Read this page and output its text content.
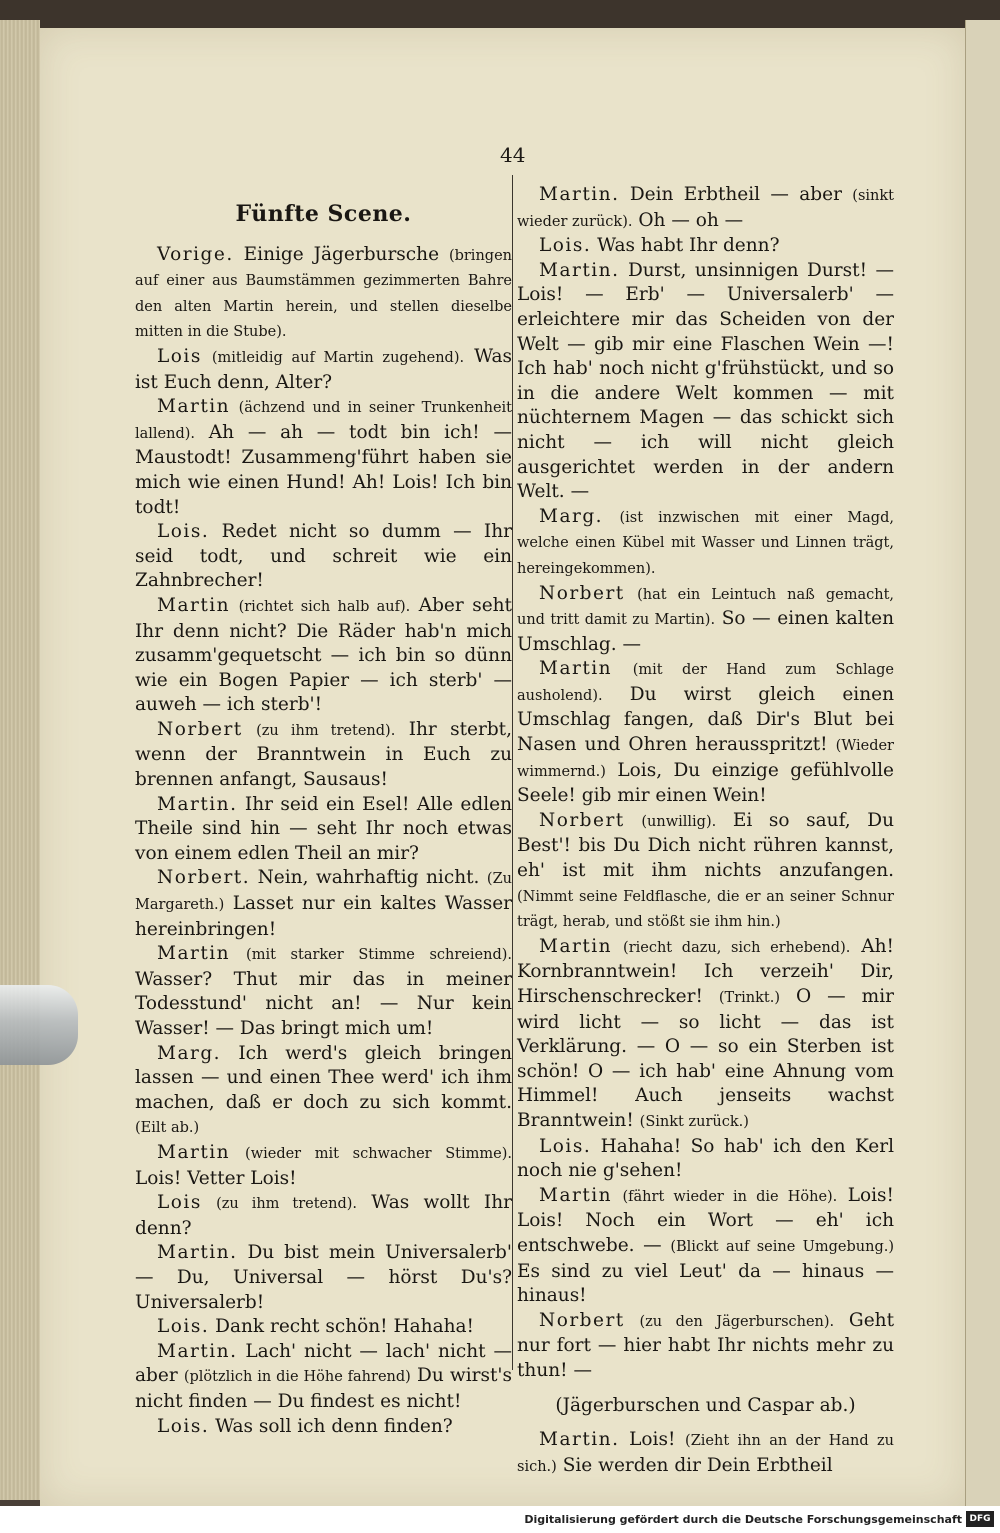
44
Fünfte Scene.

Vorige. Einige Jägerbursche (bringen auf einer aus Baumstämmen gezimmerten Bahre den alten Martin herein, und stellen dieselbe mitten in die Stube).

Lois (mitleidig auf Martin zugehend). Was ist Euch denn, Alter?

Martin (ächzend und in seiner Trunkenheit lallend). Ah — ah — todt bin ich! — Maustodt! Zusammeng'führt haben sie mich wie einen Hund! Ah! Lois! Ich bin todt!

Lois. Redet nicht so dumm — Ihr seid todt, und schreit wie ein Zahnbrecher!

Martin (richtet sich halb auf). Aber seht Ihr denn nicht? Die Räder hab'n mich zusamm'gequetscht — ich bin so dünn wie ein Bogen Papier — ich sterb' — auweh — ich sterb'!

Norbert (zu ihm tretend). Ihr sterbt, wenn der Branntwein in Euch zu brennen anfangt, Sausaus!

Martin. Ihr seid ein Esel! Alle edlen Theile sind hin — seht Ihr noch etwas von einem edlen Theil an mir?

Norbert. Nein, wahrhaftig nicht. (Zu Margareth.) Lasset nur ein kaltes Wasser hereinbringen!

Martin (mit starker Stimme schreiend). Wasser? Thut mir das in meiner Todesstund' nicht an! — Nur kein Wasser! — Das bringt mich um!

Marg. Ich werd's gleich bringen lassen — und einen Thee werd' ich ihm machen, daß er doch zu sich kommt. (Eilt ab.)

Martin (wieder mit schwacher Stimme). Lois! Vetter Lois!

Lois (zu ihm tretend). Was wollt Ihr denn?

Martin. Du bist mein Universalerb' — Du, Universal — hörst Du's? Universalerb!

Lois. Dank recht schön! Hahaha!

Martin. Lach' nicht — lach' nicht — aber (plötzlich in die Höhe fahrend) Du wirst's nicht finden — Du findest es nicht!

Lois. Was soll ich denn finden?

Martin. Dein Erbtheil — aber (sinkt wieder zurück). Oh — oh —

Lois. Was habt Ihr denn?

Martin. Durst, unsinnigen Durst! — Lois! — Erb' — Universalerb' — erleichtere mir das Scheiden von der Welt — gib mir eine Flaschen Wein —! Ich hab' noch nicht g'frühstückt, und so in die andere Welt kommen — mit nüchternem Magen — das schickt sich nicht — ich will nicht gleich ausgerichtet werden in der andern Welt. —

Marg. (ist inzwischen mit einer Magd, welche einen Kübel mit Wasser und Linnen trägt, hereingekommen).

Norbert (hat ein Leintuch naß gemacht, und tritt damit zu Martin). So — einen kalten Umschlag. —

Martin (mit der Hand zum Schlage ausholend). Du wirst gleich einen Umschlag fangen, daß Dir's Blut bei Nasen und Ohren herausspritzt! (Wieder wimmernd.) Lois, Du einzige gefühlvolle Seele! gib mir einen Wein!

Norbert (unwillig). Ei so sauf, Du Best'! bis Du Dich nicht rühren kannst, eh' ist mit ihm nichts anzufangen. (Nimmt seine Feldflasche, die er an seiner Schnur trägt, herab, und stößt sie ihm hin.)

Martin (riecht dazu, sich erhebend). Ah! Kornbranntwein! Ich verzeih' Dir, Hirschenschrecker! (Trinkt.) O — mir wird licht — so licht — das ist Verklärung. — O — so ein Sterben ist schön! O — ich hab' eine Ahnung vom Himmel! Auch jenseits wachst Branntwein! (Sinkt zurück.)

Lois. Hahaha! So hab' ich den Kerl noch nie g'sehen!

Martin (fährt wieder in die Höhe). Lois! Lois! Noch ein Wort — eh' ich entschwebe. — (Blickt auf seine Umgebung.) Es sind zu viel Leut' da — hinaus — hinaus!

Norbert (zu den Jägerburschen). Geht nur fort — hier habt Ihr nichts mehr zu thun! —

(Jägerburschen und Caspar ab.)

Martin. Lois! (Zieht ihn an der Hand zu sich.) Sie werden dir Dein Erbtheil

Digitalisierung gefördert durch die Deutsche Forschungsgemeinschaft DFG
